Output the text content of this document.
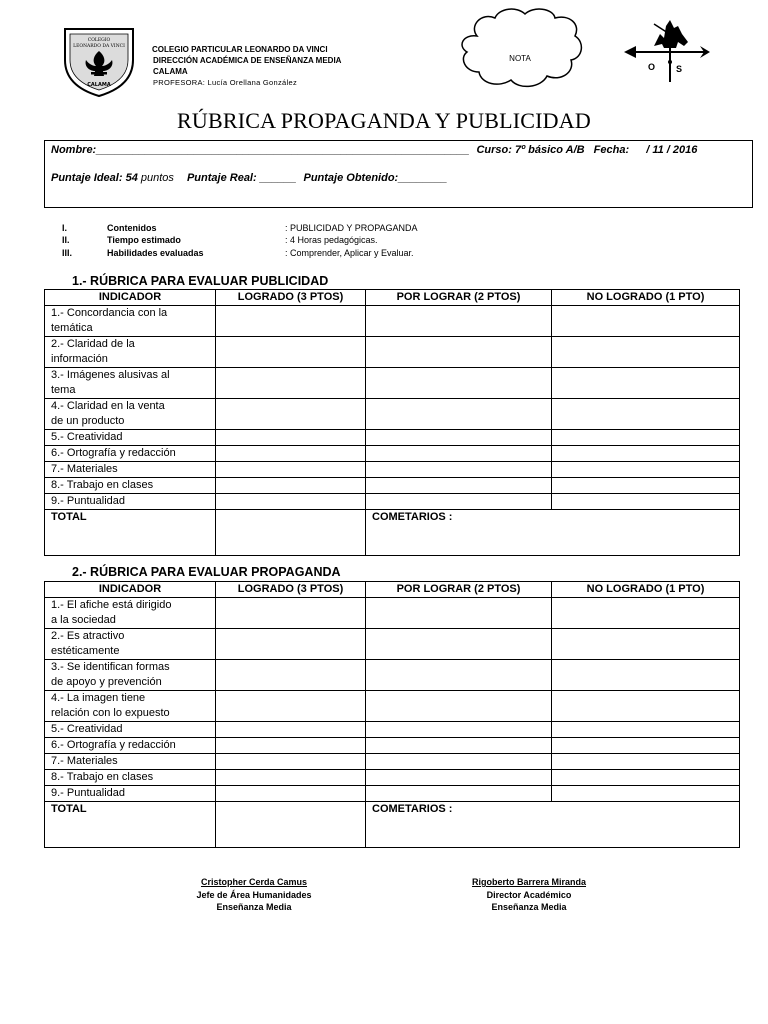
COLEGIO
LEONARDO DA VINCI
CALAMA
COLEGIO PARTICULAR LEONARDO DA VINCI
DIRECCIÓN ACADÉMICA DE ENSEÑANZA MEDIA
CALAMA
PROFESORA: Lucía Orellana González
NOTA
O S
RÚBRICA PROPAGANDA Y PUBLICIDAD
Nombre:_____________________________________________________________ Curso: 7º básico A/B Fecha: / 11 / 2016
Puntaje Ideal: 54 puntos Puntaje Real: ______ Puntaje Obtenido:________
I.	Contenidos	: PUBLICIDAD Y PROPAGANDA
II.	Tiempo estimado	: 4 Horas pedagógicas.
III.	Habilidades evaluadas	: Comprender, Aplicar y Evaluar.
1.- RÚBRICA PARA EVALUAR PUBLICIDAD
INDICADOR	LOGRADO (3 PTOS)	POR LOGRAR (2 PTOS)	NO LOGRADO (1 PTO)

1.- Concordancia con la
temática			

2.- Claridad de la
información			

3.- Imágenes alusivas al
tema			

4.- Claridad en la venta
de un producto			

5.- Creatividad			

6.- Ortografía y redacción			

7.- Materiales			

8.- Trabajo en clases			

9.- Puntualidad			

TOTAL		COMETARIOS :	
2.- RÚBRICA PARA EVALUAR PROPAGANDA
INDICADOR	LOGRADO (3 PTOS)	POR LOGRAR (2 PTOS)	NO LOGRADO (1 PTO)

1.- El afiche está dirigido
a la sociedad			

2.- Es atractivo
estéticamente			

3.- Se identifican formas
de apoyo y prevención			

4.- La imagen tiene
relación con lo expuesto			

5.- Creatividad			

6.- Ortografía y redacción			

7.- Materiales			

8.- Trabajo en clases			

9.- Puntualidad			

TOTAL		COMETARIOS :	
Cristopher Cerda Camus
Jefe de Área Humanidades
Enseñanza Media
Rigoberto Barrera Miranda
Director Académico
Enseñanza Media
